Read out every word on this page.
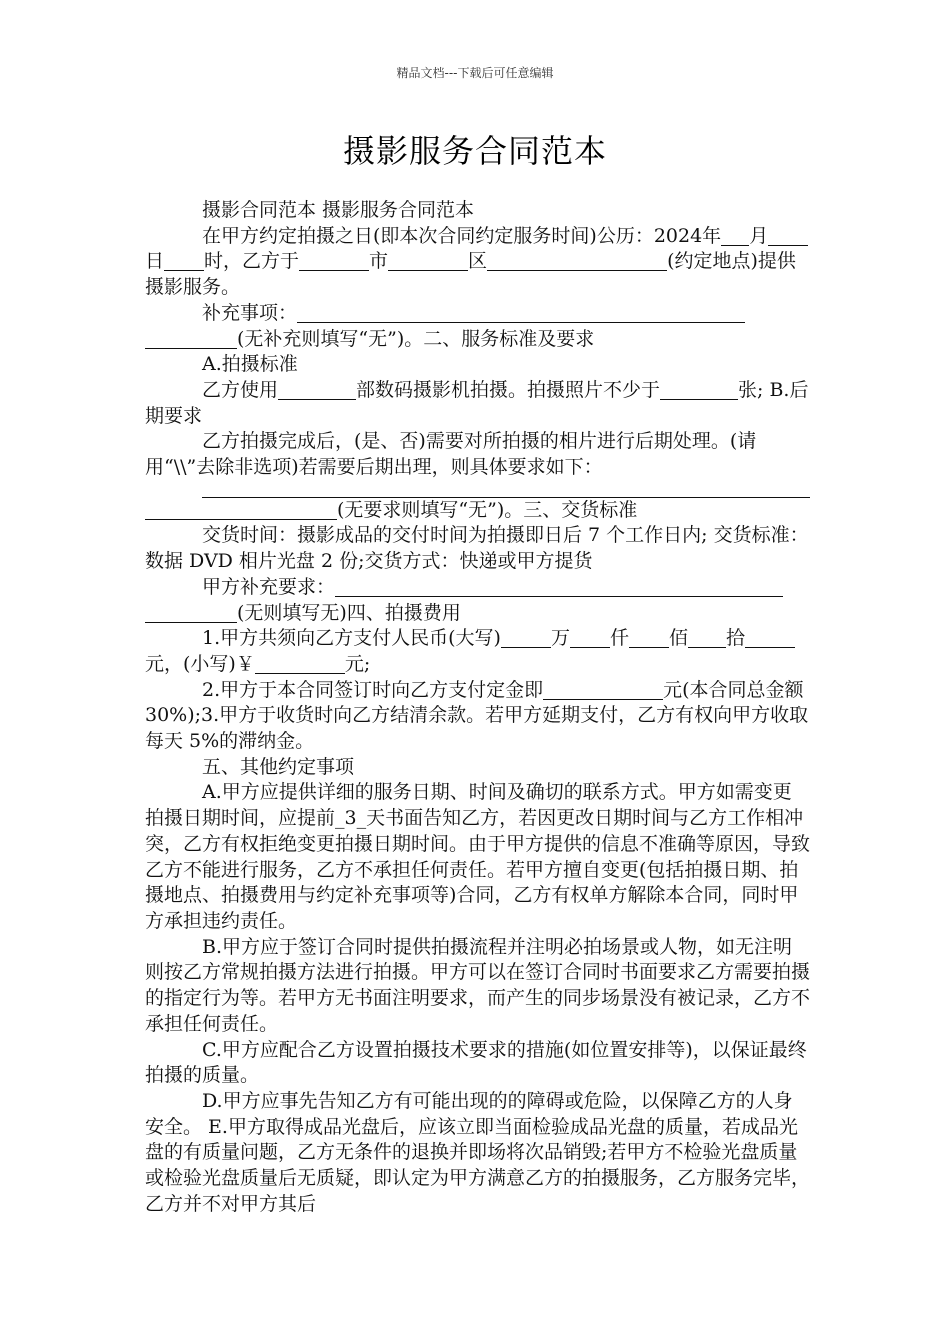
精品文档---下载后可任意编辑
摄影服务合同范本

摄影合同范本 摄影服务合同范本

在甲方约定拍摄之日(即本次合同约定服务时间)公历：2024年 月日 时，乙方于	市	区	(约定地点)提供摄影服务。

补充事项：(无补充则填写“无”)。二、服务标准及要求

A.拍摄标准

乙方使用	部数码摄影机拍摄。拍摄照片不少于	张; B.后期要求

乙方拍摄完成后，(是、否)需要对所拍摄的相片进行后期处理。(请用“\\”去除非选项)若需要后期出理，则具体要求如下：

(无要求则填写“无”)。三、交货标准

交货时间：摄影成品的交付时间为拍摄即日后 7 个工作日内; 交货标准：数据 DVD 相片光盘 2 份;交货方式：快递或甲方提货

甲方补充要求：(无则填写无)四、拍摄费用

1.甲方共须向乙方支付人民币(大写)	万 仟 佰 拾元，(小写)￥	元;

2.甲方于本合同签订时向乙方支付定金即	元(本合同总金额 30%);3.甲方于收货时向乙方结清余款。若甲方延期支付，乙方有权向甲方收取每天 5%的滞纳金。

五、其他约定事项

A.甲方应提供详细的服务日期、时间及确切的联系方式。甲方如需变更拍摄日期时间，应提前_3_天书面告知乙方，若因更改日期时间与乙方工作相冲突，乙方有权拒绝变更拍摄日期时间。由于甲方提供的信息不准确等原因，导致乙方不能进行服务，乙方不承担任何责任。若甲方擅自变更(包括拍摄日期、拍摄地点、拍摄费用与约定补充事项等)合同，乙方有权单方解除本合同，同时甲方承担违约责任。

B.甲方应于签订合同时提供拍摄流程并注明必拍场景或人物，如无注明则按乙方常规拍摄方法进行拍摄。甲方可以在签订合同时书面要求乙方需要拍摄的指定行为等。若甲方无书面注明要求，而产生的同步场景没有被记录，乙方不承担任何责任。

C.甲方应配合乙方设置拍摄技术要求的措施(如位置安排等)，以保证最终拍摄的质量。

D.甲方应事先告知乙方有可能出现的的障碍或危险，以保障乙方的人身安全。 E.甲方取得成品光盘后，应该立即当面检验成品光盘的质量，若成品光盘的有质量问题，乙方无条件的退换并即场将次品销毁;若甲方不检验光盘质量或检验光盘质量后无质疑，即认定为甲方满意乙方的拍摄服务，乙方服务完毕，乙方并不对甲方其后
